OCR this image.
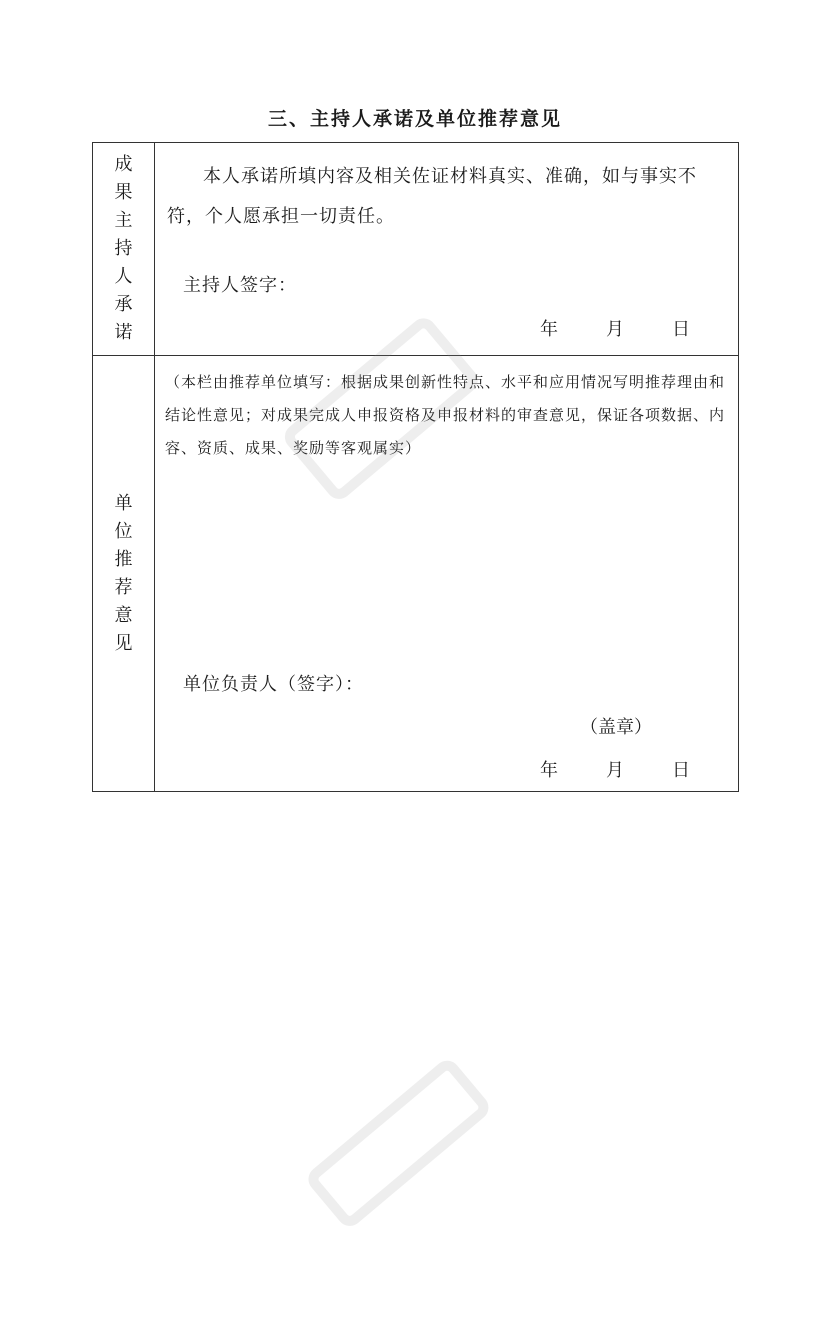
三、主持人承诺及单位推荐意见
成果主持人承诺	本人承诺所填内容及相关佐证材料真实、准确，如与事实不符，个人愿承担一切责任。
主持人签字：
年 月 日

单位推荐意见	（本栏由推荐单位填写：根据成果创新性特点、水平和应用情况写明推荐理由和结论性意见；对成果完成人申报资格及申报材料的审查意见，保证各项数据、内容、资质、成果、奖励等客观属实）
单位负责人（签字）：
（盖章）
年 月 日
